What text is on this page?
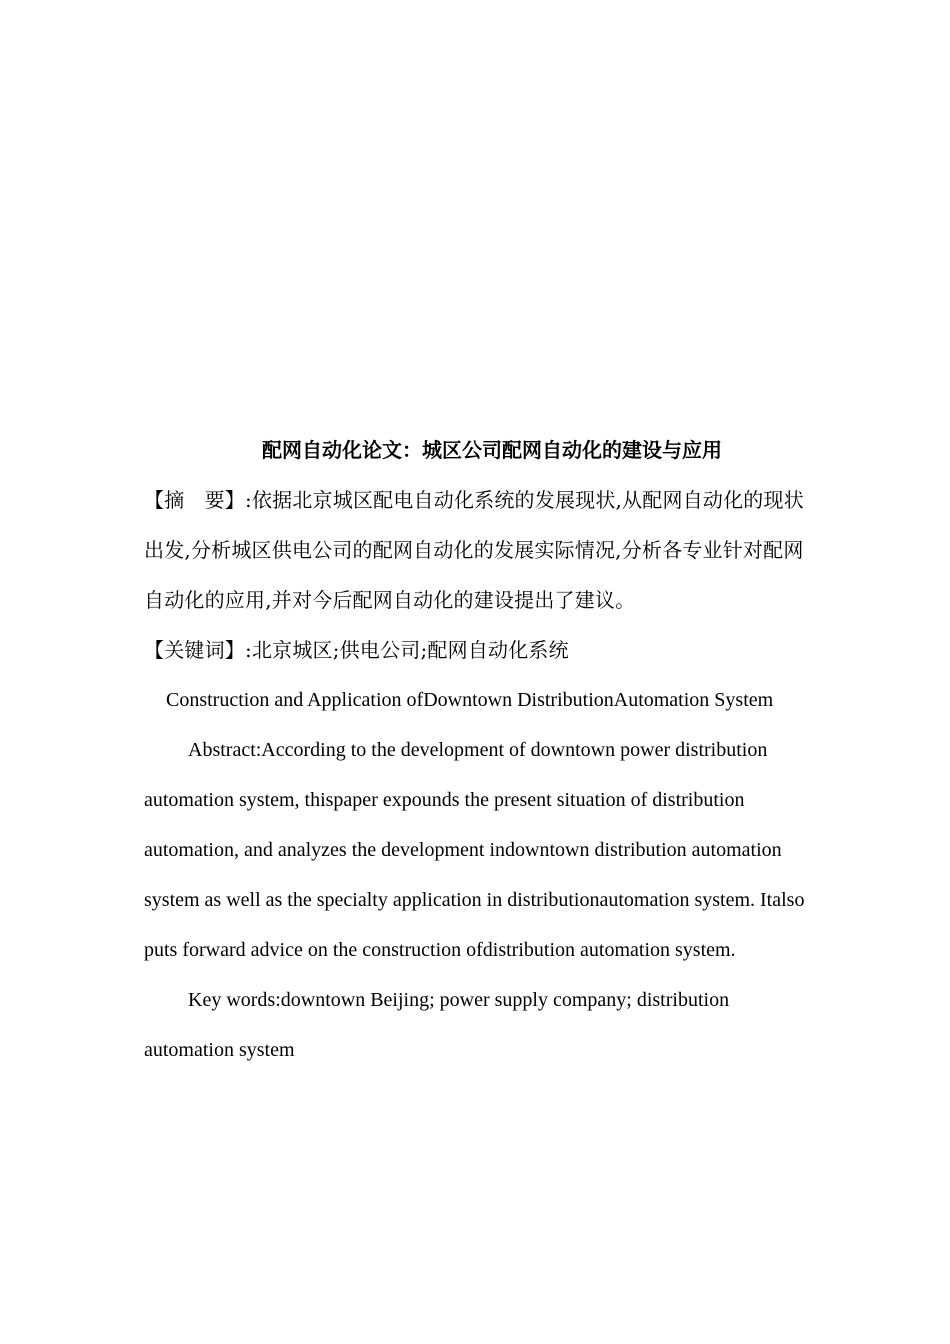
配网自动化论文：城区公司配网自动化的建设与应用

【摘　要】:依据北京城区配电自动化系统的发展现状,从配网自动化的现状出发,分析城区供电公司的配网自动化的发展实际情况,分析各专业针对配网自动化的应用,并对今后配网自动化的建设提出了建议。

【关键词】:北京城区;供电公司;配网自动化系统

Construction and Application ofDowntown DistributionAutomation System

Abstract:According to the development of downtown power distribution automation system, thispaper expounds the present situation of distribution automation, and analyzes the development indowntown distribution automation system as well as the specialty application in distributionautomation system. Italso puts forward advice on the construction ofdistribution automation system.

Key words:downtown Beijing; power supply company; distribution automation system
